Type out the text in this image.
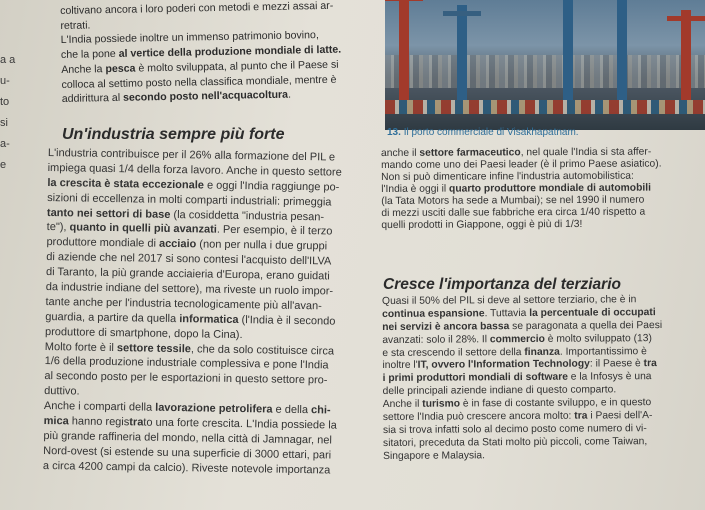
a a
u-
to
si
a-
e
coltivano ancora i loro poderi con metodi e mezzi assai ar-
retrati.
L'India possiede inoltre un immenso patrimonio bovino,
che la pone al vertice della produzione mondiale di latte.
Anche la pesca è molto sviluppata, al punto che il Paese si
colloca al settimo posto nella classifica mondiale, mentre è
addirittura al secondo posto nell'acquacoltura.
13. Il porto commerciale di Visakhapatnam.
Un'industria sempre più forte
L'industria contribuisce per il 26% alla formazione del PIL e
impiega quasi 1/4 della forza lavoro. Anche in questo settore
la crescita è stata eccezionale e oggi l'India raggiunge po-
sizioni di eccellenza in molti comparti industriali: primeggia
tanto nei settori di base (la cosiddetta "industria pesan-
te"), quanto in quelli più avanzati. Per esempio, è il terzo
produttore mondiale di acciaio (non per nulla i due gruppi
di aziende che nel 2017 si sono contesi l'acquisto dell'ILVA
di Taranto, la più grande acciaieria d'Europa, erano guidati
da industrie indiane del settore), ma riveste un ruolo impor-
tante anche per l'industria tecnologicamente più all'avan-
guardia, a partire da quella informatica (l'India è il secondo
produttore di smartphone, dopo la Cina).
Molto forte è il settore tessile, che da solo costituisce circa
1/6 della produzione industriale complessiva e pone l'India
al secondo posto per le esportazioni in questo settore pro-
duttivo.
Anche i comparti della lavorazione petrolifera e della chi-
mica hanno registrato una forte crescita. L'India possiede la
più grande raffineria del mondo, nella città di Jamnagar, nel
Nord-ovest (si estende su una superficie di 3000 ettari, pari
a circa 4200 campi da calcio). Riveste notevole importanza
anche il settore farmaceutico, nel quale l'India si sta affer-
mando come uno dei Paesi leader (è il primo Paese asiatico).
Non si può dimenticare infine l'industria automobilistica:
l'India è oggi il quarto produttore mondiale di automobili
(la Tata Motors ha sede a Mumbai); se nel 1990 il numero
di mezzi usciti dalle sue fabbriche era circa 1/40 rispetto a
quelli prodotti in Giappone, oggi è più di 1/3!
Cresce l'importanza del terziario
Quasi il 50% del PIL si deve al settore terziario, che è in
continua espansione. Tuttavia la percentuale di occupati
nei servizi è ancora bassa se paragonata a quella dei Paesi
avanzati: solo il 28%. Il commercio è molto sviluppato (13)
e sta crescendo il settore della finanza. Importantissimo è
inoltre l'IT, ovvero l'Information Technology: il Paese è tra
i primi produttori mondiali di software e la Infosys è una
delle principali aziende indiane di questo comparto.
Anche il turismo è in fase di costante sviluppo, e in questo
settore l'India può crescere ancora molto: tra i Paesi dell'A-
sia si trova infatti solo al decimo posto come numero di vi-
sitatori, preceduta da Stati molto più piccoli, come Taiwan,
Singapore e Malaysia.
